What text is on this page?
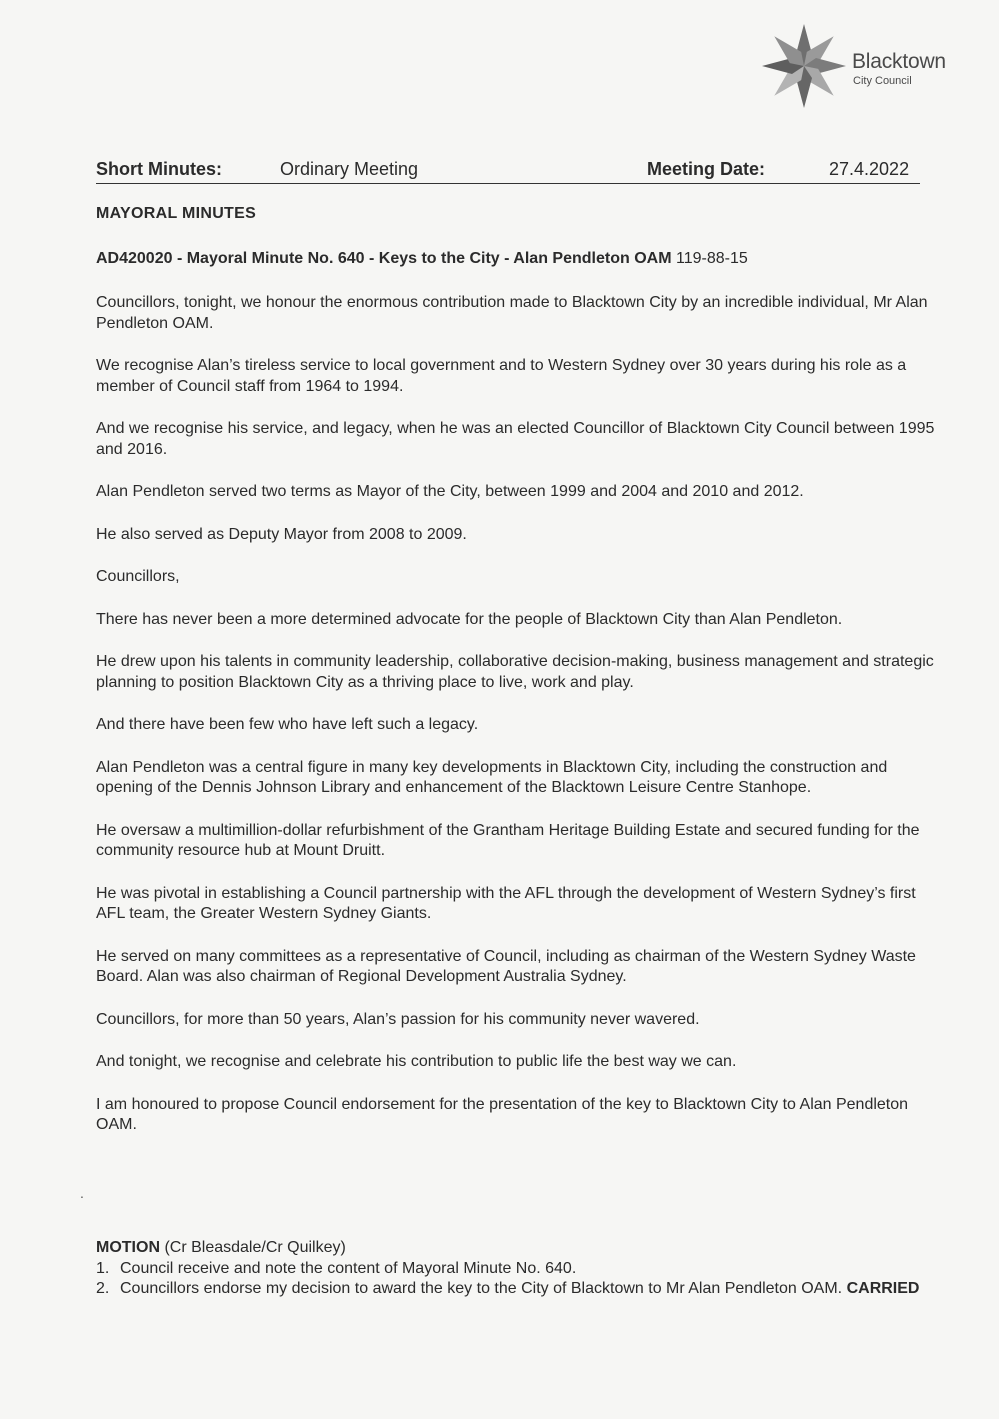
Blacktown
City Council
Short Minutes:	Ordinary Meeting	Meeting Date:	27.4.2022
MAYORAL MINUTES
AD420020 - Mayoral Minute No. 640 - Keys to the City - Alan Pendleton OAM 119-88-15

Councillors, tonight, we honour the enormous contribution made to Blacktown City by an incredible individual, Mr Alan Pendleton OAM.

We recognise Alan’s tireless service to local government and to Western Sydney over 30 years during his role as a member of Council staff from 1964 to 1994.

And we recognise his service, and legacy, when he was an elected Councillor of Blacktown City Council between 1995 and 2016.

Alan Pendleton served two terms as Mayor of the City, between 1999 and 2004 and 2010 and 2012.

He also served as Deputy Mayor from 2008 to 2009.

Councillors,

There has never been a more determined advocate for the people of Blacktown City than Alan Pendleton.

He drew upon his talents in community leadership, collaborative decision-making, business management and strategic planning to position Blacktown City as a thriving place to live, work and play.

And there have been few who have left such a legacy.

Alan Pendleton was a central figure in many key developments in Blacktown City, including the construction and opening of the Dennis Johnson Library and enhancement of the Blacktown Leisure Centre Stanhope.

He oversaw a multimillion-dollar refurbishment of the Grantham Heritage Building Estate and secured funding for the community resource hub at Mount Druitt.

He was pivotal in establishing a Council partnership with the AFL through the development of Western Sydney’s first AFL team, the Greater Western Sydney Giants.

He served on many committees as a representative of Council, including as chairman of the Western Sydney Waste Board. Alan was also chairman of Regional Development Australia Sydney.

Councillors, for more than 50 years, Alan’s passion for his community never wavered.

And tonight, we recognise and celebrate his contribution to public life the best way we can.

I am honoured to propose Council endorsement for the presentation of the key to Blacktown City to Alan Pendleton OAM.

.
MOTION (Cr Bleasdale/Cr Quilkey)
1. Council receive and note the content of Mayoral Minute No. 640.
2. Councillors endorse my decision to award the key to the City of Blacktown to Mr Alan Pendleton OAM. CARRIED
